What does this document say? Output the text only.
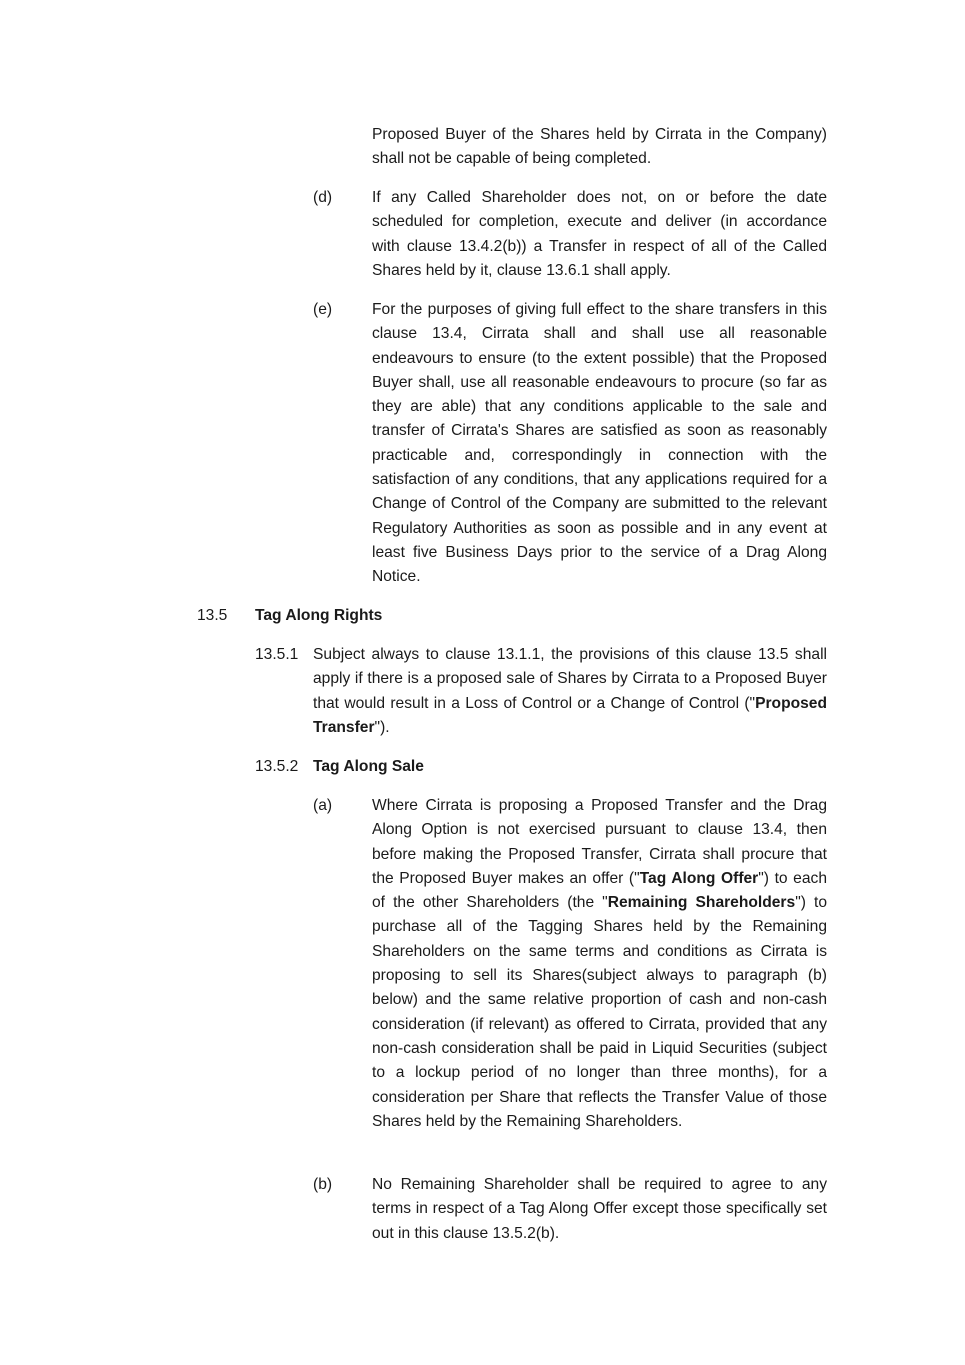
Proposed Buyer of the Shares held by Cirrata in the Company) shall not be capable of being completed.
(d)	If any Called Shareholder does not, on or before the date scheduled for completion, execute and deliver (in accordance with clause 13.4.2(b)) a Transfer in respect of all of the Called Shares held by it, clause 13.6.1 shall apply.
(e)	For the purposes of giving full effect to the share transfers in this clause 13.4, Cirrata shall and shall use all reasonable endeavours to ensure (to the extent possible) that the Proposed Buyer shall, use all reasonable endeavours to procure (so far as they are able) that any conditions applicable to the sale and transfer of Cirrata's Shares are satisfied as soon as reasonably practicable and, correspondingly in connection with the satisfaction of any conditions, that any applications required for a Change of Control of the Company are submitted to the relevant Regulatory Authorities as soon as possible and in any event at least five Business Days prior to the service of a Drag Along Notice.
13.5 Tag Along Rights
13.5.1 Subject always to clause 13.1.1, the provisions of this clause 13.5 shall apply if there is a proposed sale of Shares by Cirrata to a Proposed Buyer that would result in a Loss of Control or a Change of Control ("Proposed Transfer").
13.5.2 Tag Along Sale
(a)	Where Cirrata is proposing a Proposed Transfer and the Drag Along Option is not exercised pursuant to clause 13.4, then before making the Proposed Transfer, Cirrata shall procure that the Proposed Buyer makes an offer ("Tag Along Offer") to each of the other Shareholders (the "Remaining Shareholders") to purchase all of the Tagging Shares held by the Remaining Shareholders on the same terms and conditions as Cirrata is proposing to sell its Shares(subject always to paragraph (b) below) and the same relative proportion of cash and non-cash consideration (if relevant) as offered to Cirrata, provided that any non-cash consideration shall be paid in Liquid Securities (subject to a lockup period of no longer than three months), for a consideration per Share that reflects the Transfer Value of those Shares held by the Remaining Shareholders.
(b)	No Remaining Shareholder shall be required to agree to any terms in respect of a Tag Along Offer except those specifically set out in this clause 13.5.2(b).
